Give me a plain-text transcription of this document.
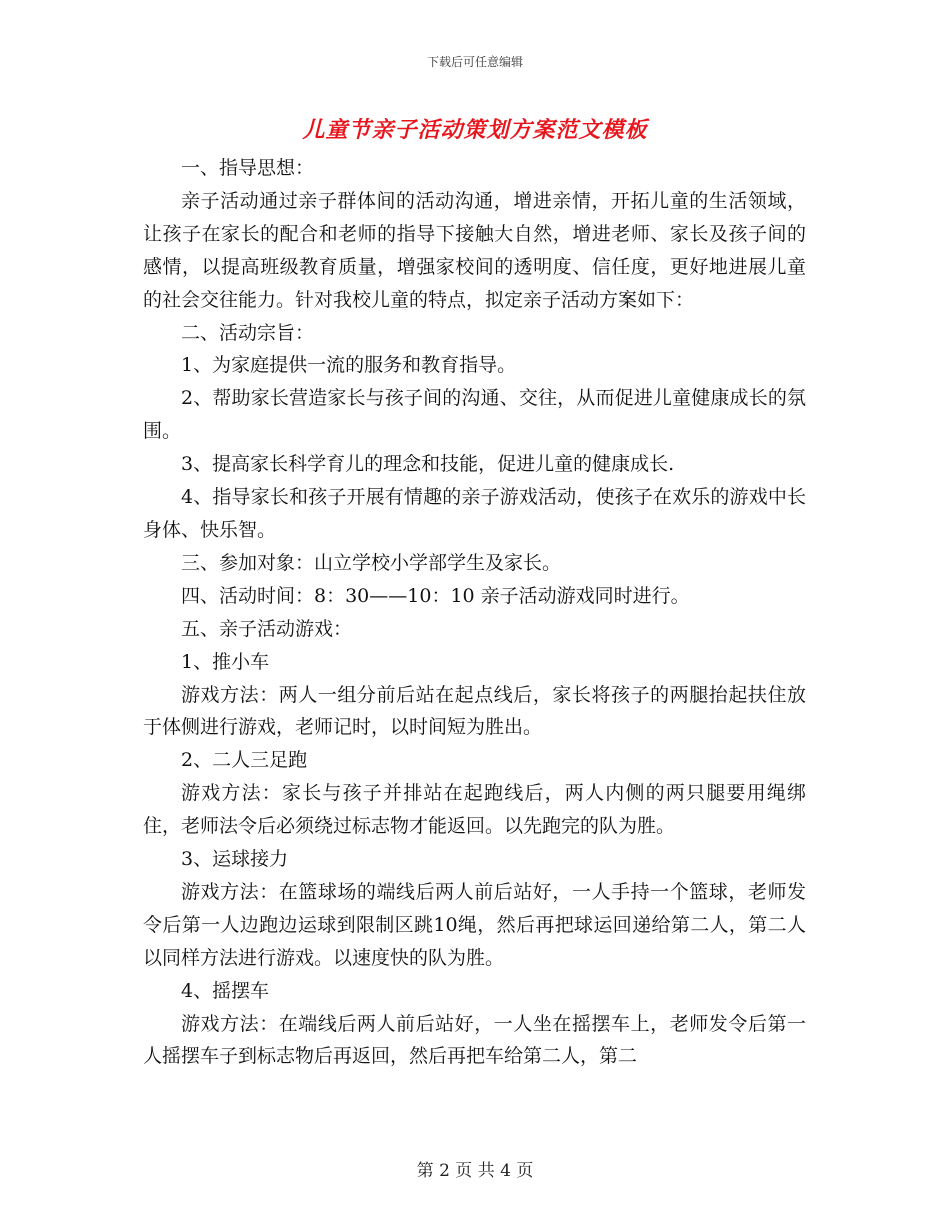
下载后可任意编辑
儿童节亲子活动策划方案范文模板

一、指导思想：

亲子活动通过亲子群体间的活动沟通，增进亲情，开拓儿童的生活领域，让孩子在家长的配合和老师的指导下接触大自然，增进老师、家长及孩子间的感情，以提高班级教育质量，增强家校间的透明度、信任度，更好地进展儿童的社会交往能力。针对我校儿童的特点，拟定亲子活动方案如下：

二、活动宗旨：

1、为家庭提供一流的服务和教育指导。

2、帮助家长营造家长与孩子间的沟通、交往，从而促进儿童健康成长的氛围。

3、提高家长科学育儿的理念和技能，促进儿童的健康成长.

4、指导家长和孩子开展有情趣的亲子游戏活动，使孩子在欢乐的游戏中长身体、快乐智。

三、参加对象：山立学校小学部学生及家长。

四、活动时间：8：30——10：10 亲子活动游戏同时进行。

五、亲子活动游戏：

1、推小车

游戏方法：两人一组分前后站在起点线后，家长将孩子的两腿抬起扶住放于体侧进行游戏，老师记时，以时间短为胜出。

2、二人三足跑

游戏方法：家长与孩子并排站在起跑线后，两人内侧的两只腿要用绳绑住，老师法令后必须绕过标志物才能返回。以先跑完的队为胜。

3、运球接力

游戏方法：在篮球场的端线后两人前后站好，一人手持一个篮球，老师发令后第一人边跑边运球到限制区跳10绳，然后再把球运回递给第二人，第二人以同样方法进行游戏。以速度快的队为胜。

4、摇摆车

游戏方法：在端线后两人前后站好，一人坐在摇摆车上，老师发令后第一人摇摆车子到标志物后再返回，然后再把车给第二人，第二

第 2 页 共 4 页
